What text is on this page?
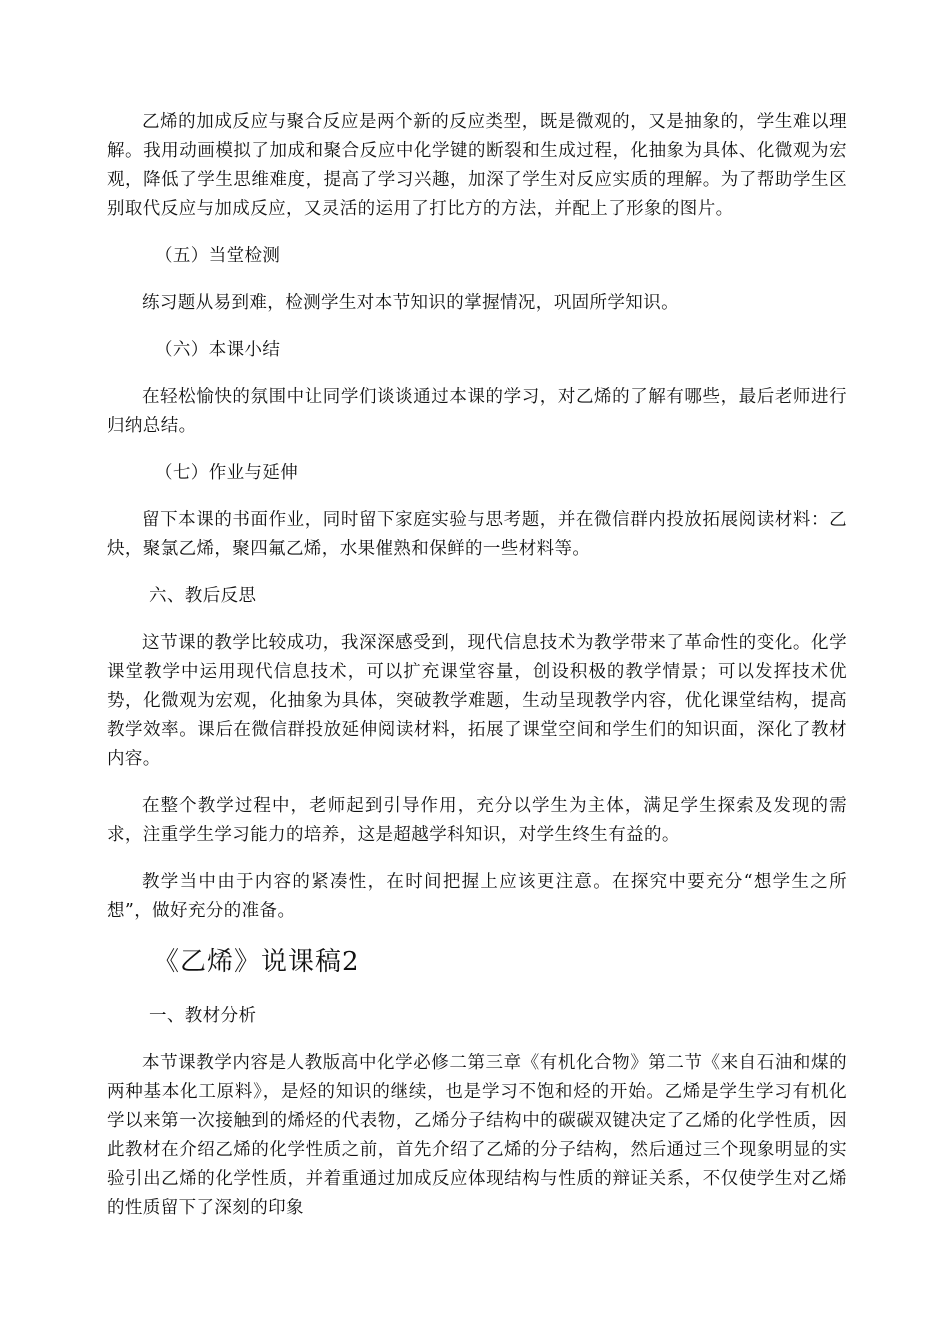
乙烯的加成反应与聚合反应是两个新的反应类型，既是微观的，又是抽象的，学生难以理解。我用动画模拟了加成和聚合反应中化学键的断裂和生成过程，化抽象为具体、化微观为宏观，降低了学生思维难度，提高了学习兴趣，加深了学生对反应实质的理解。为了帮助学生区别取代反应与加成反应，又灵活的运用了打比方的方法，并配上了形象的图片。

（五）当堂检测

练习题从易到难，检测学生对本节知识的掌握情况，巩固所学知识。

（六）本课小结

在轻松愉快的氛围中让同学们谈谈通过本课的学习，对乙烯的了解有哪些，最后老师进行归纳总结。

（七）作业与延伸

留下本课的书面作业，同时留下家庭实验与思考题，并在微信群内投放拓展阅读材料：乙炔，聚氯乙烯，聚四氟乙烯，水果催熟和保鲜的一些材料等。

六、教后反思

这节课的教学比较成功，我深深感受到，现代信息技术为教学带来了革命性的变化。化学课堂教学中运用现代信息技术，可以扩充课堂容量，创设积极的教学情景；可以发挥技术优势，化微观为宏观，化抽象为具体，突破教学难题，生动呈现教学内容，优化课堂结构，提高教学效率。课后在微信群投放延伸阅读材料，拓展了课堂空间和学生们的知识面，深化了教材内容。

在整个教学过程中，老师起到引导作用，充分以学生为主体，满足学生探索及发现的需求，注重学生学习能力的培养，这是超越学科知识，对学生终生有益的。

教学当中由于内容的紧凑性，在时间把握上应该更注意。在探究中要充分“想学生之所想”，做好充分的准备。

《乙烯》说课稿2
一、教材分析

本节课教学内容是人教版高中化学必修二第三章《有机化合物》第二节《来自石油和煤的两种基本化工原料》，是烃的知识的继续，也是学习不饱和烃的开始。乙烯是学生学习有机化学以来第一次接触到的烯烃的代表物，乙烯分子结构中的碳碳双键决定了乙烯的化学性质，因此教材在介绍乙烯的化学性质之前，首先介绍了乙烯的分子结构，然后通过三个现象明显的实验引出乙烯的化学性质，并着重通过加成反应体现结构与性质的辩证关系，不仅使学生对乙烯的性质留下了深刻的印象
